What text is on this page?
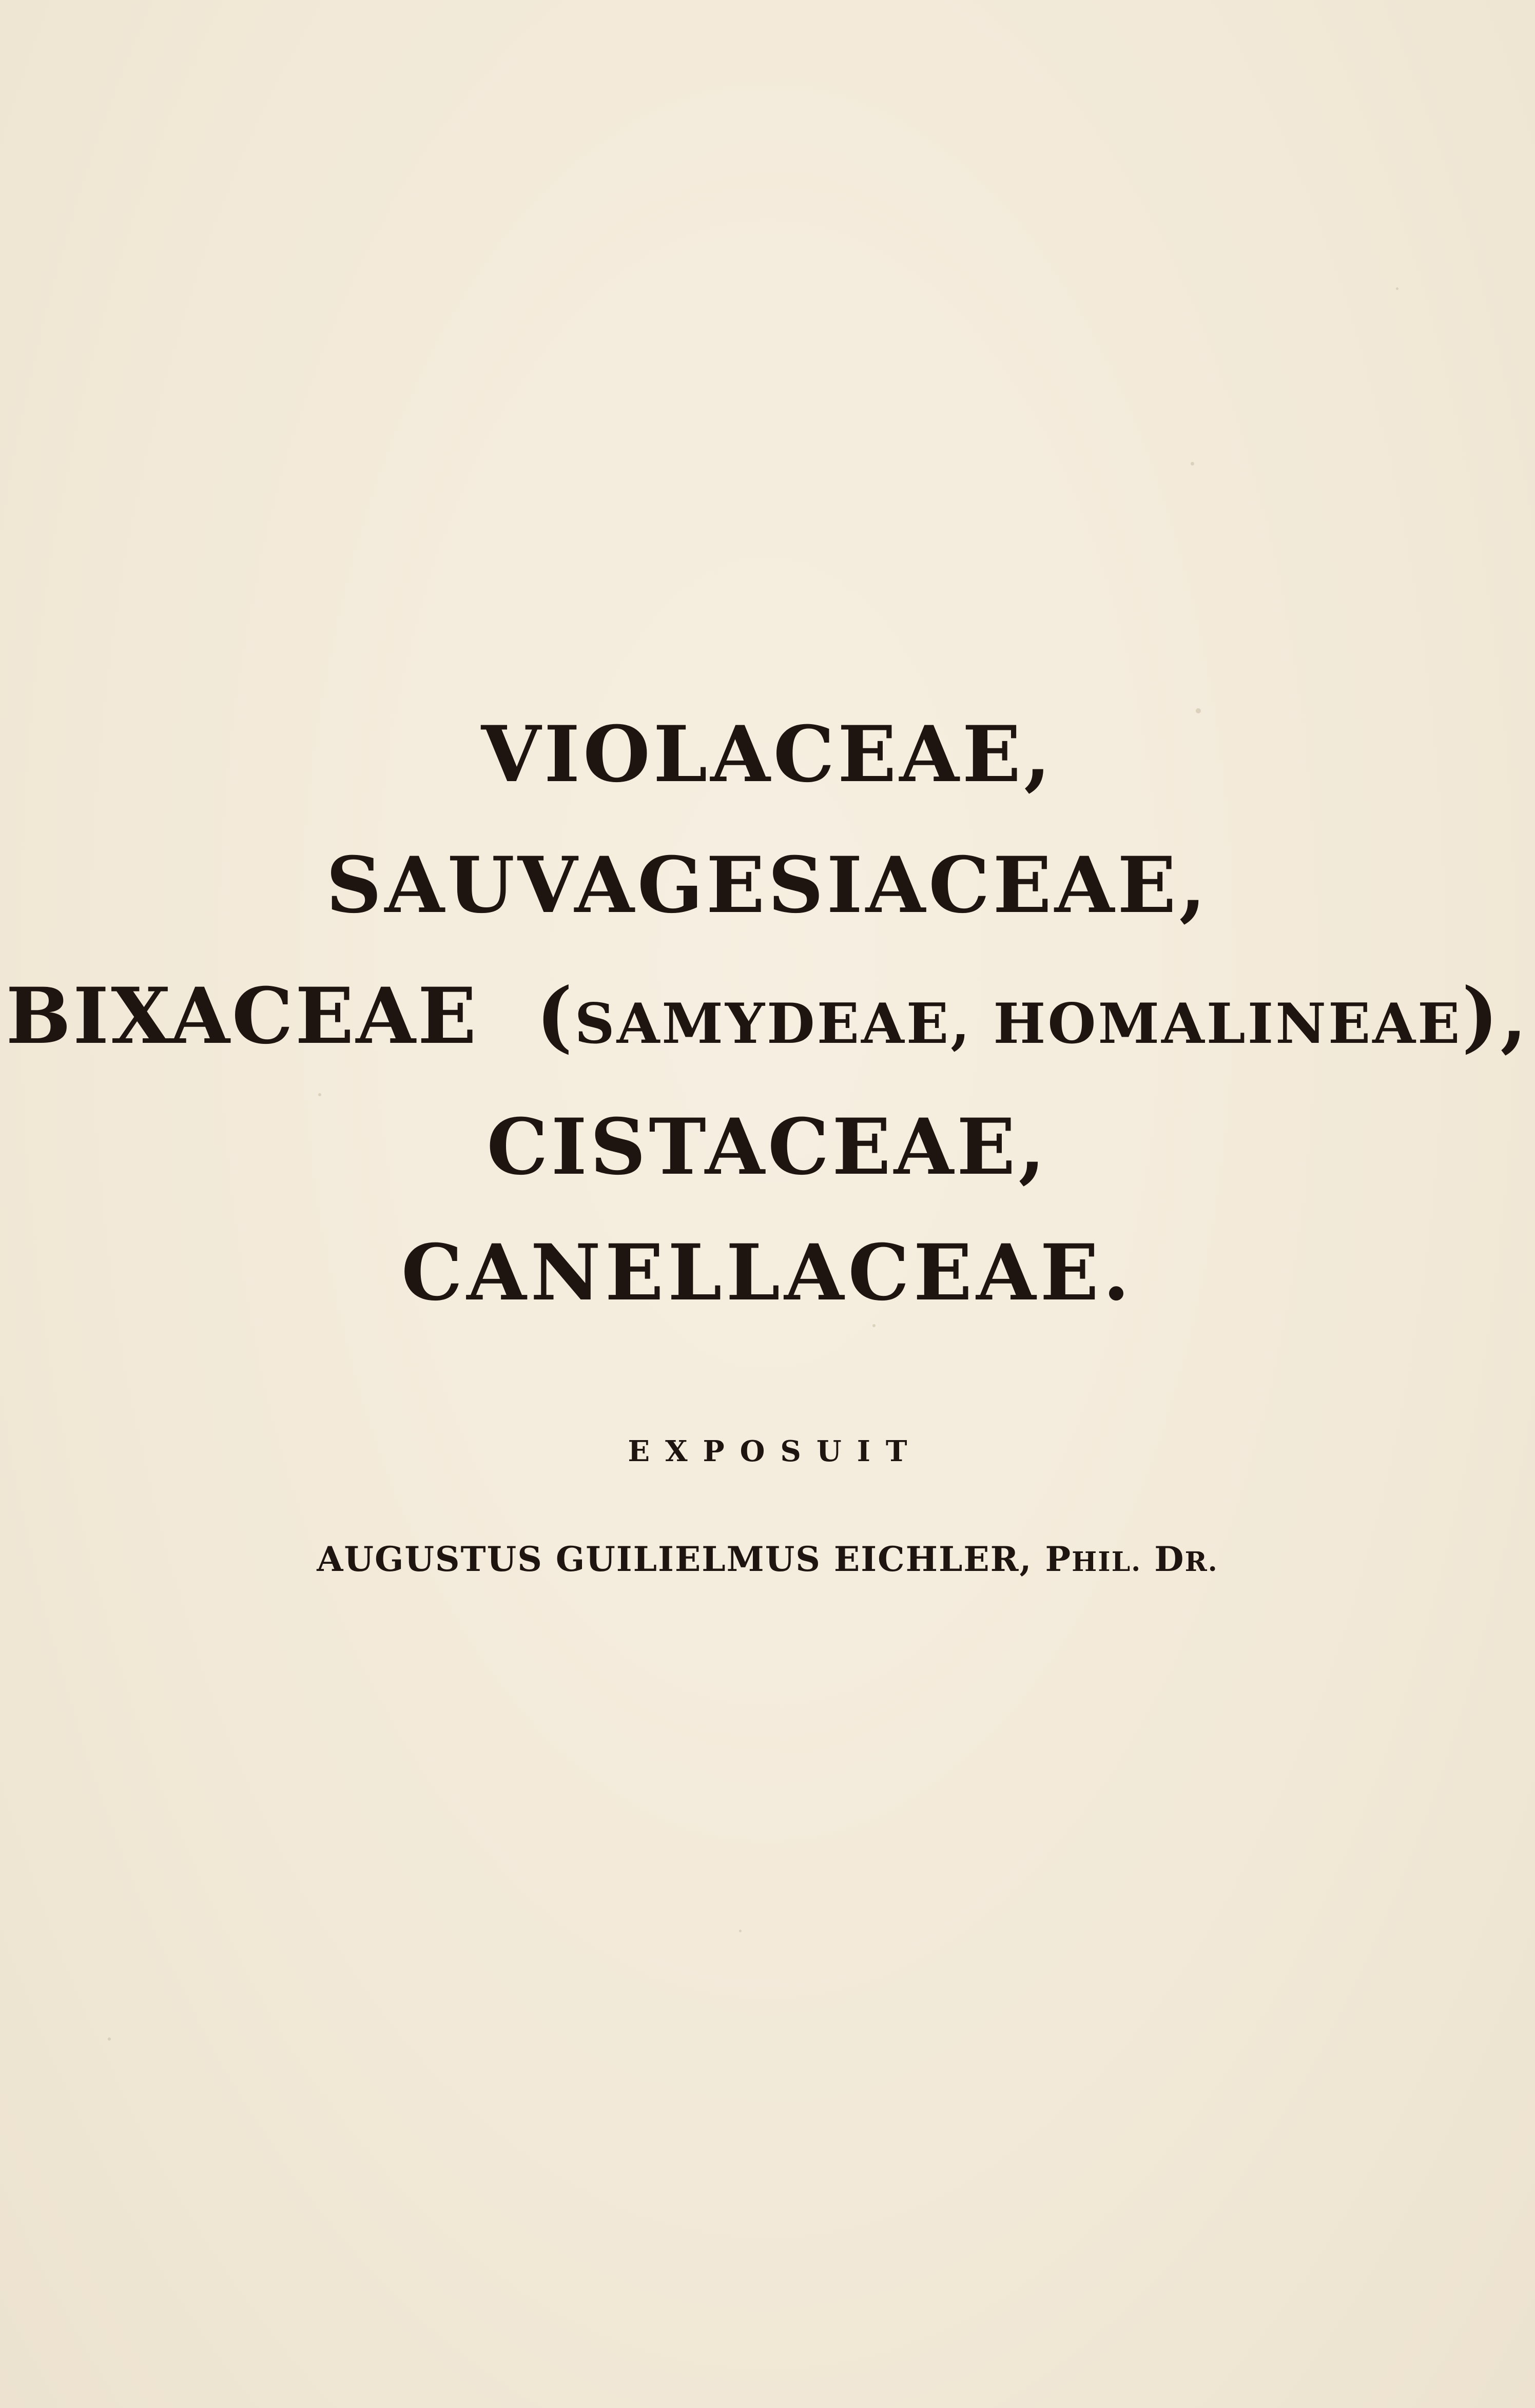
VIOLACEAE,
SAUVAGESIACEAE,
BIXACEAE (SAMYDEAE, HOMALINEAE),
CISTACEAE,
CANELLACEAE.
EXPOSUIT
AUGUSTUS GUILIELMUS EICHLER, PHIL. DR.
